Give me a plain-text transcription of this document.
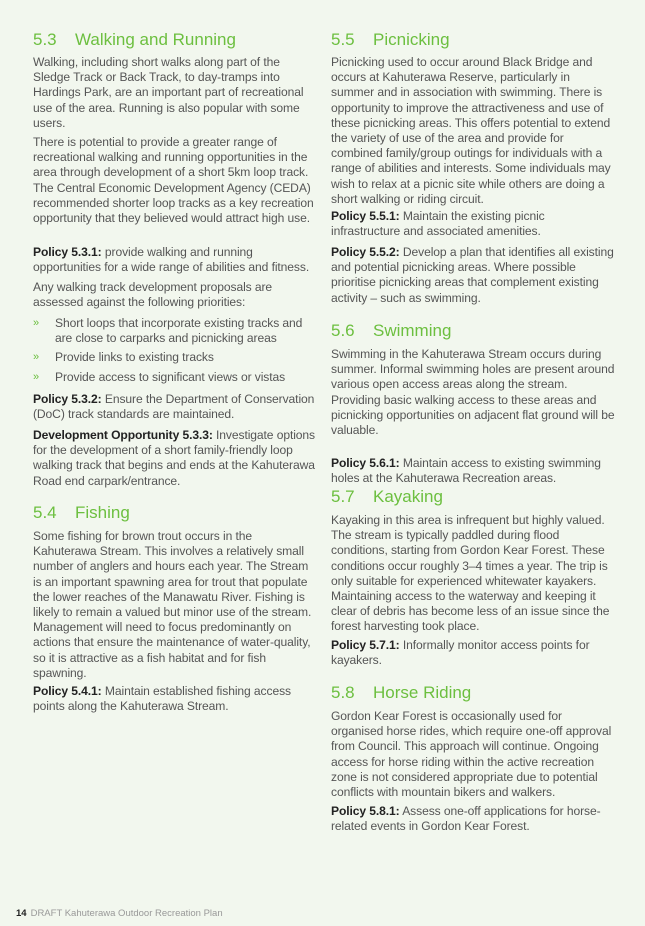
5.3 Walking and Running

Walking, including short walks along part of the Sledge Track or Back Track, to day-tramps into Hardings Park, are an important part of recreational use of the area. Running is also popular with some users.

There is potential to provide a greater range of recreational walking and running opportunities in the area through development of a short 5km loop track. The Central Economic Development Agency (CEDA) recommended shorter loop tracks as a key recreation opportunity that they believed would attract high use.

Policy 5.3.1: provide walking and running opportunities for a wide range of abilities and fitness.

Any walking track development proposals are assessed against the following priorities:

» Short loops that incorporate existing tracks and are close to carparks and picnicking areas
» Provide links to existing tracks
» Provide access to significant views or vistas

Policy 5.3.2: Ensure the Department of Conservation (DoC) track standards are maintained.

Development Opportunity 5.3.3: Investigate options for the development of a short family-friendly loop walking track that begins and ends at the Kahuterawa Road end carpark/entrance.

5.4 Fishing

Some fishing for brown trout occurs in the Kahuterawa Stream. This involves a relatively small number of anglers and hours each year. The Stream is an important spawning area for trout that populate the lower reaches of the Manawatu River. Fishing is likely to remain a valued but minor use of the stream. Management will need to focus predominantly on actions that ensure the maintenance of water-quality, so it is attractive as a fish habitat and for fish spawning.

Policy 5.4.1: Maintain established fishing access points along the Kahuterawa Stream.

5.5 Picnicking

Picnicking used to occur around Black Bridge and occurs at Kahuterawa Reserve, particularly in summer and in association with swimming. There is opportunity to improve the attractiveness and use of these picnicking areas. This offers potential to extend the variety of use of the area and provide for combined family/group outings for individuals with a range of abilities and interests. Some individuals may wish to relax at a picnic site while others are doing a short walking or riding circuit.

Policy 5.5.1: Maintain the existing picnic infrastructure and associated amenities.

Policy 5.5.2: Develop a plan that identifies all existing and potential picnicking areas. Where possible prioritise picnicking areas that complement existing activity – such as swimming.

5.6 Swimming

Swimming in the Kahuterawa Stream occurs during summer. Informal swimming holes are present around various open access areas along the stream. Providing basic walking access to these areas and picnicking opportunities on adjacent flat ground will be valuable.

Policy 5.6.1: Maintain access to existing swimming holes at the Kahuterawa Recreation areas.

5.7 Kayaking

Kayaking in this area is infrequent but highly valued. The stream is typically paddled during flood conditions, starting from Gordon Kear Forest. These conditions occur roughly 3–4 times a year. The trip is only suitable for experienced whitewater kayakers. Maintaining access to the waterway and keeping it clear of debris has become less of an issue since the forest harvesting took place.

Policy 5.7.1: Informally monitor access points for kayakers.

5.8 Horse Riding

Gordon Kear Forest is occasionally used for organised horse rides, which require one-off approval from Council. This approach will continue. Ongoing access for horse riding within the active recreation zone is not considered appropriate due to potential conflicts with mountain bikers and walkers.

Policy 5.8.1: Assess one-off applications for horse-related events in Gordon Kear Forest.

14 DRAFT Kahuterawa Outdoor Recreation Plan
